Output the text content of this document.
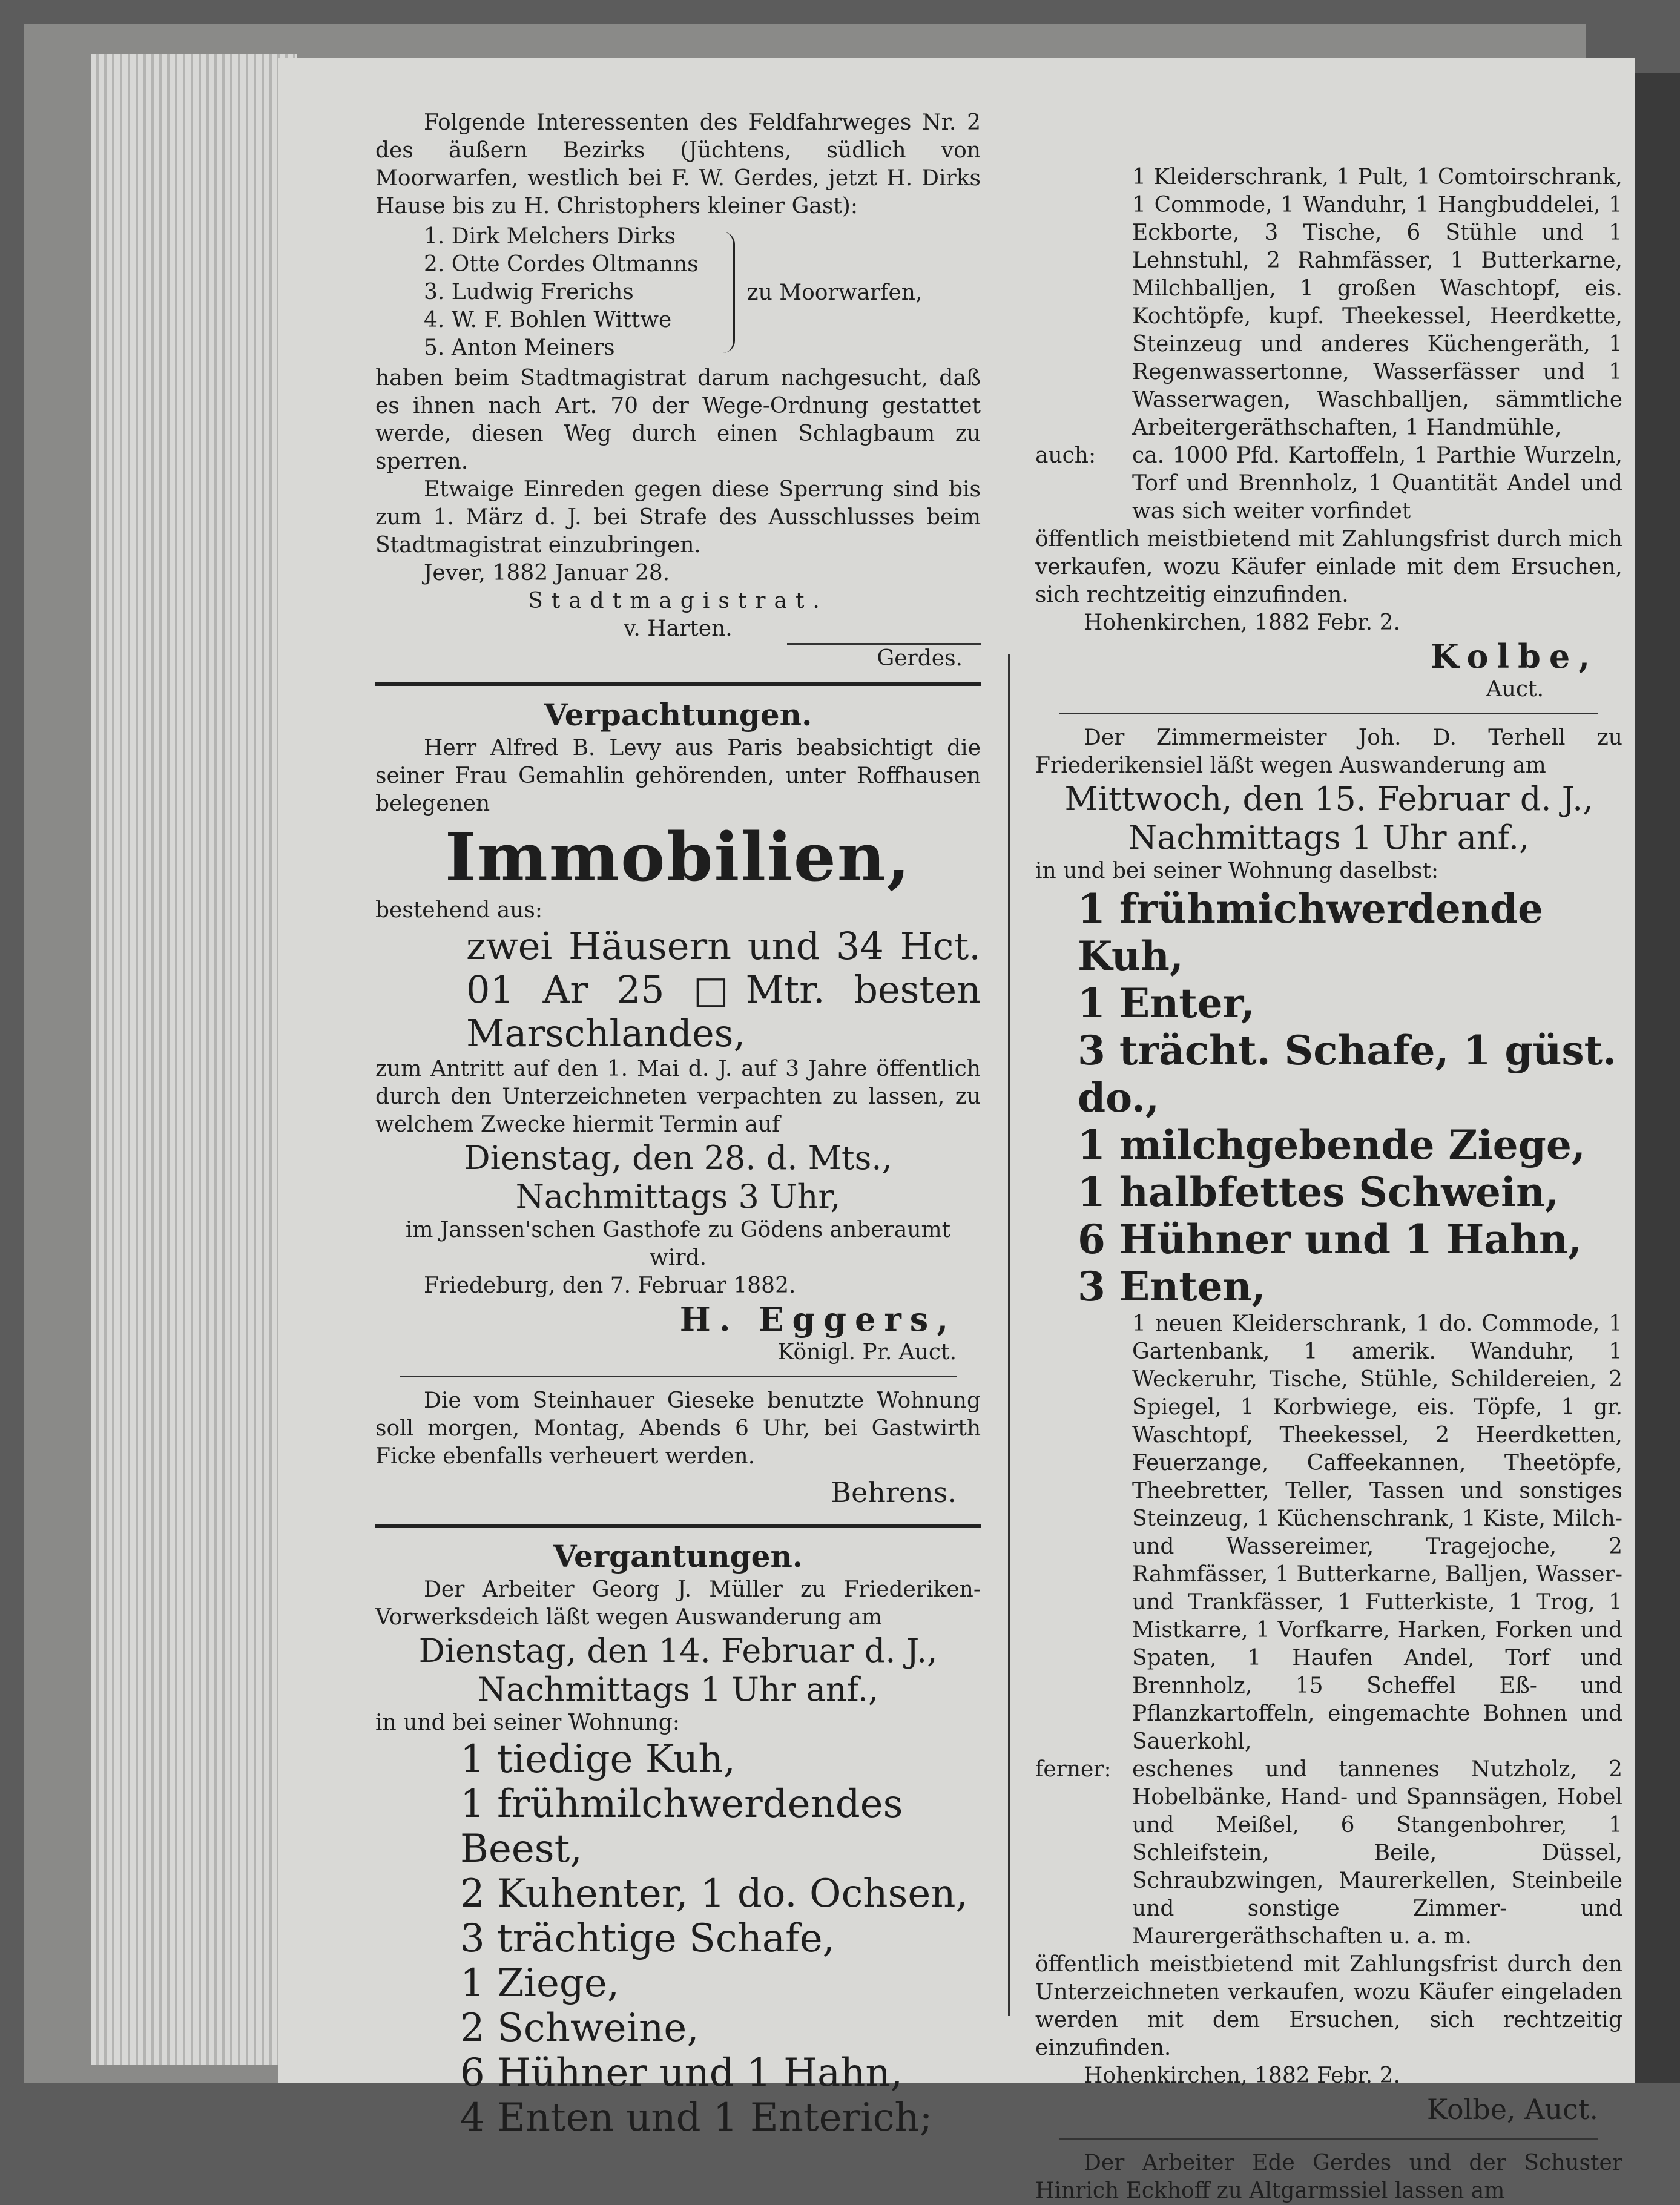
Folgende Interessenten des Feldfahrweges Nr. 2 des äußern Bezirks (Jüchtens, südlich von Moorwarfen, westlich bei F. W. Gerdes, jetzt H. Dirks Hause bis zu H. Christophers kleiner Gast):

1. Dirk Melchers Dirks
2. Otte Cordes Oltmanns
3. Ludwig Frerichs
4. W. F. Bohlen Wittwe
5. Anton Meiners
zu Moorwarfen,

haben beim Stadtmagistrat darum nachgesucht, daß es ihnen nach Art. 70 der Wege-Ordnung gestattet werde, diesen Weg durch einen Schlagbaum zu sperren.

Etwaige Einreden gegen diese Sperrung sind bis zum 1. März d. J. bei Strafe des Ausschlusses beim Stadtmagistrat einzubringen.

Jever, 1882 Januar 28.

Stadtmagistrat.

v. Harten.

Gerdes.

Verpachtungen.

Herr Alfred B. Levy aus Paris beabsichtigt die seiner Frau Gemahlin gehörenden, unter Roffhausen belegenen

Immobilien,

bestehend aus:

zwei Häusern und 34 Hct. 01 Ar 25 □Mtr. besten Marschlandes,

zum Antritt auf den 1. Mai d. J. auf 3 Jahre öffentlich durch den Unterzeichneten verpachten zu lassen, zu welchem Zwecke hiermit Termin auf

Dienstag, den 28. d. Mts.,

Nachmittags 3 Uhr,

im Janssen'schen Gasthofe zu Gödens anberaumt wird.

Friedeburg, den 7. Februar 1882.

H. Eggers,

Königl. Pr. Auct.

Die vom Steinhauer Gieseke benutzte Wohnung soll morgen, Montag, Abends 6 Uhr, bei Gastwirth Ficke ebenfalls verheuert werden.

Behrens.

Vergantungen.

Der Arbeiter Georg J. Müller zu Friederiken-Vorwerksdeich läßt wegen Auswanderung am

Dienstag, den 14. Februar d. J.,

Nachmittags 1 Uhr anf.,

in und bei seiner Wohnung:

1 tiedige Kuh,
1 frühmilchwerdendes Beest,
2 Kuhenter, 1 do. Ochsen,
3 trächtige Schafe,
1 Ziege,
2 Schweine,
6 Hühner und 1 Hahn,
4 Enten und 1 Enterich;

1 Kleiderschrank, 1 Pult, 1 Comtoirschrank, 1 Commode, 1 Wanduhr, 1 Hangbuddelei, 1 Eckborte, 3 Tische, 6 Stühle und 1 Lehnstuhl, 2 Rahmfässer, 1 Butterkarne, Milchballjen, 1 großen Waschtopf, eis. Kochtöpfe, kupf. Theekessel, Heerdkette, Steinzeug und anderes Küchengeräth, 1 Regenwassertonne, Wasserfässer und 1 Wasserwagen, Waschballjen, sämmtliche Arbeitergeräthschaften, 1 Handmühle,

auch:	ca. 1000 Pfd. Kartoffeln, 1 Parthie Wurzeln, Torf und Brennholz, 1 Quantität Andel und was sich weiter vorfindet

öffentlich meistbietend mit Zahlungsfrist durch mich verkaufen, wozu Käufer einlade mit dem Ersuchen, sich rechtzeitig einzufinden.

Hohenkirchen, 1882 Febr. 2.

Kolbe,

Auct.

Der Zimmermeister Joh. D. Terhell zu Friederikensiel läßt wegen Auswanderung am

Mittwoch, den 15. Februar d. J.,

Nachmittags 1 Uhr anf.,

in und bei seiner Wohnung daselbst:

1 frühmichwerdende Kuh,
1 Enter,
3 trächt. Schafe, 1 güst. do.,
1 milchgebende Ziege,
1 halbfettes Schwein,
6 Hühner und 1 Hahn,
3 Enten,

1 neuen Kleiderschrank, 1 do. Commode, 1 Gartenbank, 1 amerik. Wanduhr, 1 Weckeruhr, Tische, Stühle, Schildereien, 2 Spiegel, 1 Korbwiege, eis. Töpfe, 1 gr. Waschtopf, Theekessel, 2 Heerdketten, Feuerzange, Caffeekannen, Theetöpfe, Theebretter, Teller, Tassen und sonstiges Steinzeug, 1 Küchenschrank, 1 Kiste, Milch- und Wassereimer, Tragejoche, 2 Rahmfässer, 1 Butterkarne, Balljen, Wasser- und Trankfässer, 1 Futterkiste, 1 Trog, 1 Mistkarre, 1 Vorfkarre, Harken, Forken und Spaten, 1 Haufen Andel, Torf und Brennholz, 15 Scheffel Eß- und Pflanzkartoffeln, eingemachte Bohnen und Sauerkohl,

ferner: eschenes und tannenes Nutzholz, 2 Hobelbänke, Hand- und Spannsägen, Hobel und Meißel, 6 Stangenbohrer, 1 Schleifstein, Beile, Düssel, Schraubzwingen, Maurerkellen, Steinbeile und sonstige Zimmer- und Maurergeräthschaften u. a. m.

öffentlich meistbietend mit Zahlungsfrist durch den Unterzeichneten verkaufen, wozu Käufer eingeladen werden mit dem Ersuchen, sich rechtzeitig einzufinden.

Hohenkirchen, 1882 Febr. 2.

Kolbe, Auct.

Der Arbeiter Ede Gerdes und der Schuster Hinrich Eckhoff zu Altgarmssiel lassen am
